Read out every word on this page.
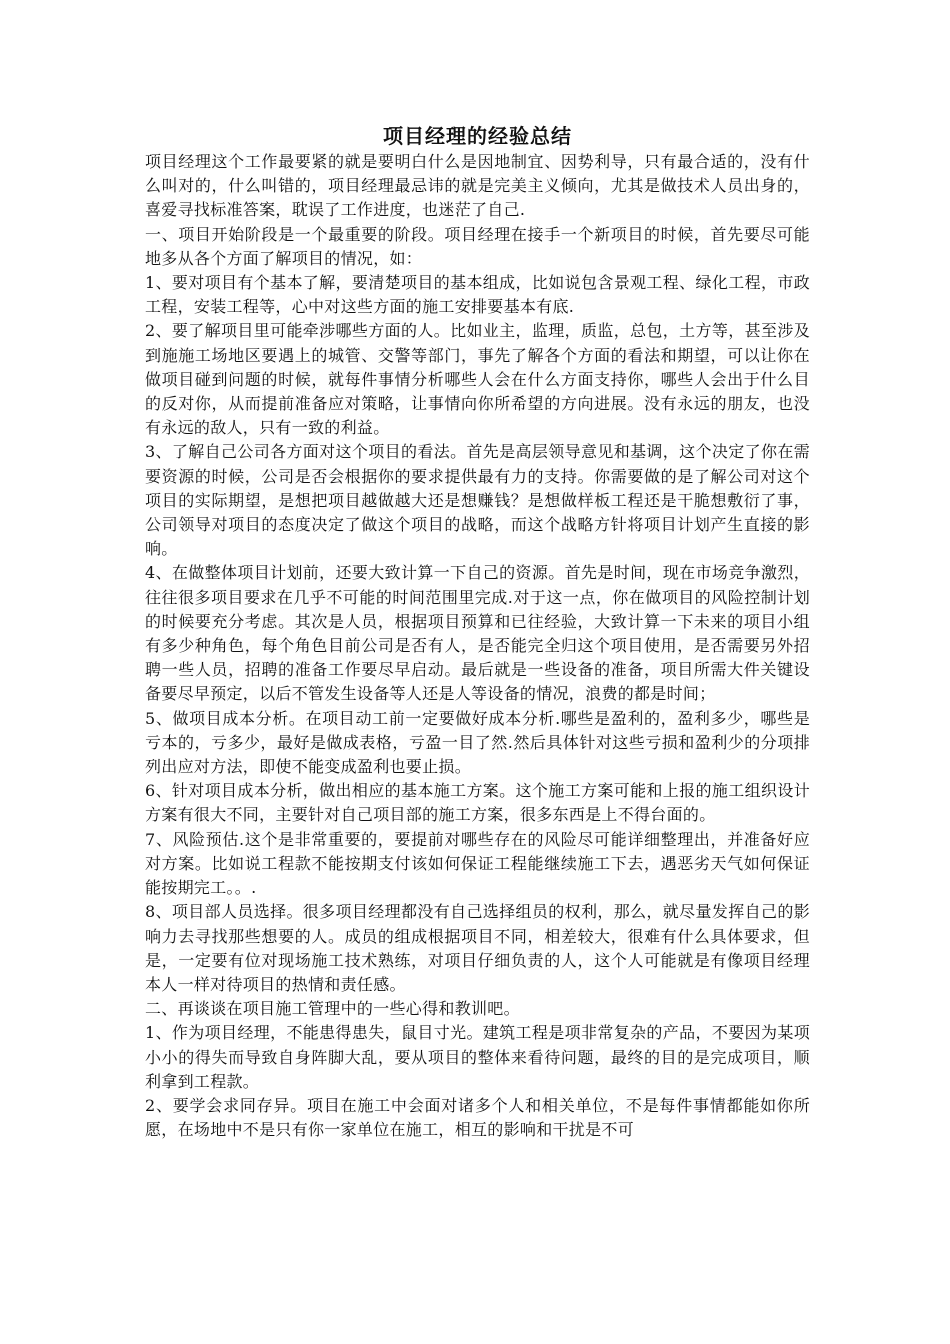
项目经理的经验总结

项目经理这个工作最要紧的就是要明白什么是因地制宜、因势利导，只有最合适的，没有什么叫对的，什么叫错的，项目经理最忌讳的就是完美主义倾向，尤其是做技术人员出身的，喜爱寻找标准答案，耽误了工作进度，也迷茫了自己.

一、项目开始阶段是一个最重要的阶段。项目经理在接手一个新项目的时候，首先要尽可能地多从各个方面了解项目的情况，如：

1、要对项目有个基本了解，要清楚项目的基本组成，比如说包含景观工程、绿化工程，市政工程，安装工程等，心中对这些方面的施工安排要基本有底.

2、要了解项目里可能牵涉哪些方面的人。比如业主，监理，质监，总包，土方等，甚至涉及到施施工场地区要遇上的城管、交警等部门，事先了解各个方面的看法和期望，可以让你在做项目碰到问题的时候，就每件事情分析哪些人会在什么方面支持你，哪些人会出于什么目的反对你，从而提前准备应对策略，让事情向你所希望的方向进展。没有永远的朋友，也没有永远的敌人，只有一致的利益。

3、了解自己公司各方面对这个项目的看法。首先是高层领导意见和基调，这个决定了你在需要资源的时候，公司是否会根据你的要求提供最有力的支持。你需要做的是了解公司对这个项目的实际期望，是想把项目越做越大还是想赚钱？是想做样板工程还是干脆想敷衍了事，公司领导对项目的态度决定了做这个项目的战略，而这个战略方针将项目计划产生直接的影响。

4、在做整体项目计划前，还要大致计算一下自己的资源。首先是时间，现在市场竞争激烈，往往很多项目要求在几乎不可能的时间范围里完成.对于这一点，你在做项目的风险控制计划的时候要充分考虑。其次是人员，根据项目预算和已往经验，大致计算一下未来的项目小组有多少种角色，每个角色目前公司是否有人，是否能完全归这个项目使用，是否需要另外招聘一些人员，招聘的准备工作要尽早启动。最后就是一些设备的准备，项目所需大件关键设备要尽早预定，以后不管发生设备等人还是人等设备的情况，浪费的都是时间；

5、做项目成本分析。在项目动工前一定要做好成本分析.哪些是盈利的，盈利多少，哪些是亏本的，亏多少，最好是做成表格，亏盈一目了然.然后具体针对这些亏损和盈利少的分项排列出应对方法，即使不能变成盈利也要止损。

6、针对项目成本分析，做出相应的基本施工方案。这个施工方案可能和上报的施工组织设计方案有很大不同，主要针对自己项目部的施工方案，很多东西是上不得台面的。

7、风险预估.这个是非常重要的，要提前对哪些存在的风险尽可能详细整理出，并准备好应对方案。比如说工程款不能按期支付该如何保证工程能继续施工下去，遇恶劣天气如何保证能按期完工。。.

8、项目部人员选择。很多项目经理都没有自己选择组员的权利，那么，就尽量发挥自己的影响力去寻找那些想要的人。成员的组成根据项目不同，相差较大，很难有什么具体要求，但是，一定要有位对现场施工技术熟练，对项目仔细负责的人，这个人可能就是有像项目经理本人一样对待项目的热情和责任感。

二、再谈谈在项目施工管理中的一些心得和教训吧。

1、作为项目经理，不能患得患失，鼠目寸光。建筑工程是项非常复杂的产品，不要因为某项小小的得失而导致自身阵脚大乱，要从项目的整体来看待问题，最终的目的是完成项目，顺利拿到工程款。

2、要学会求同存异。项目在施工中会面对诸多个人和相关单位，不是每件事情都能如你所愿，在场地中不是只有你一家单位在施工，相互的影响和干扰是不可
